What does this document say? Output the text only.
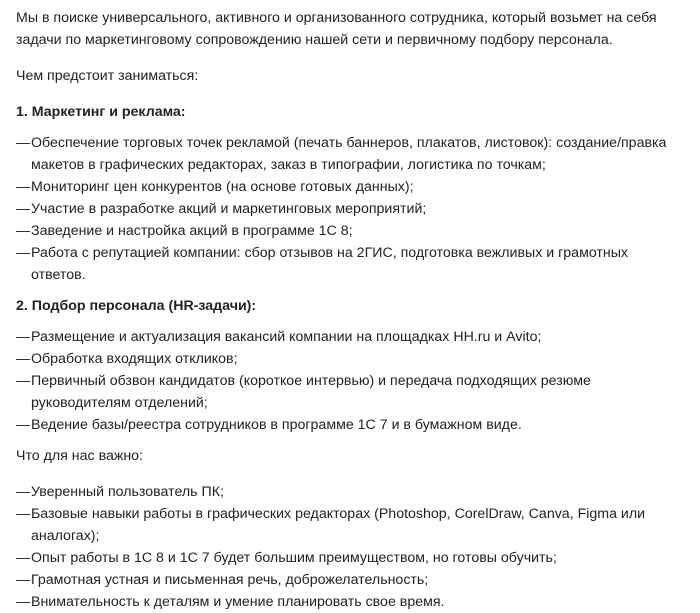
Мы в поиске универсального, активного и организованного сотрудника, который возьмет на себя задачи по маркетинговому сопровождению нашей сети и первичному подбору персонала.

Чем предстоит заниматься:

1. Маркетинг и реклама:

— Обеспечение торговых точек рекламой (печать баннеров, плакатов, листовок): создание/правка макетов в графических редакторах, заказ в типографии, логистика по точкам;
— Мониторинг цен конкурентов (на основе готовых данных);
— Участие в разработке акций и маркетинговых мероприятий;
— Заведение и настройка акций в программе 1С 8;
— Работа с репутацией компании: сбор отзывов на 2ГИС, подготовка вежливых и грамотных ответов.

2. Подбор персонала (HR-задачи):

— Размещение и актуализация вакансий компании на площадках HH.ru и Avito;
— Обработка входящих откликов;
— Первичный обзвон кандидатов (короткое интервью) и передача подходящих резюме руководителям отделений;
— Ведение базы/реестра сотрудников в программе 1С 7 и в бумажном виде.

Что для нас важно:

— Уверенный пользователь ПК;
— Базовые навыки работы в графических редакторах (Photoshop, CorelDraw, Canva, Figma или аналогах);
— Опыт работы в 1С 8 и 1С 7 будет большим преимуществом, но готовы обучить;
— Грамотная устная и письменная речь, доброжелательность;
— Внимательность к деталям и умение планировать свое время.
